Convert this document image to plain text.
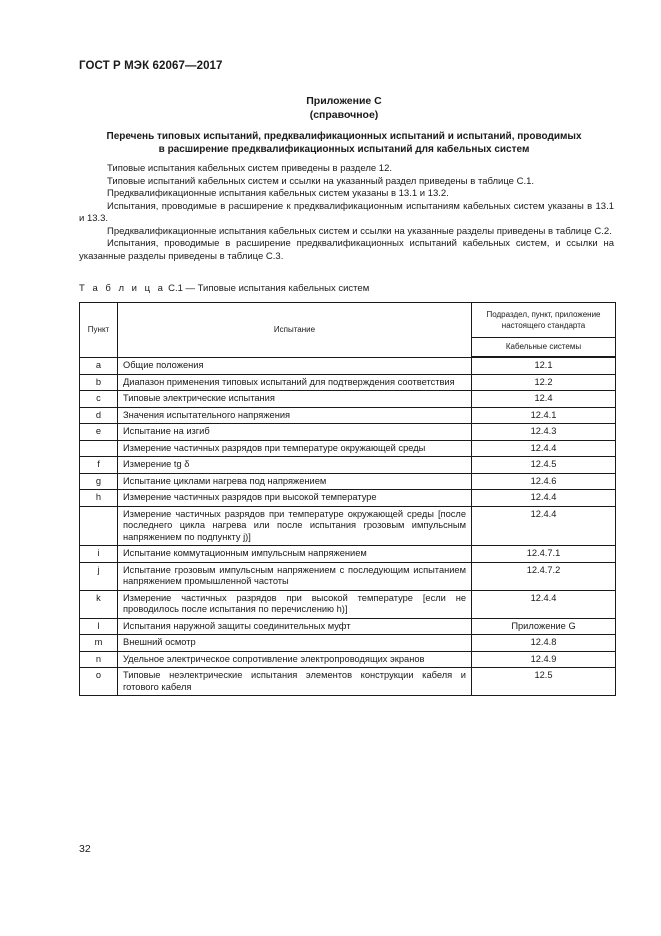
ГОСТ Р МЭК 62067—2017
Приложение С
(справочное)
Перечень типовых испытаний, предквалификационных испытаний и испытаний, проводимых
в расширение предквалификационных испытаний для кабельных систем

Типовые испытания кабельных систем приведены в разделе 12.

Типовые испытаний кабельных систем и ссылки на указанный раздел приведены в таблице С.1.

Предквалификационные испытания кабельных систем указаны в 13.1 и 13.2.

Испытания, проводимые в расширение к предквалификационным испытаниям кабельных систем указаны в 13.1 и 13.3.

Предквалификационные испытания кабельных систем и ссылки на указанные разделы приведены в таблице С.2.

Испытания, проводимые в расширение предквалификационных испытаний кабельных систем, и ссылки на указанные разделы приведены в таблице С.3.

Т а б л и ц а С.1 — Типовые испытания кабельных систем
Пункт	Испытание	Подраздел, пункт, приложение настоящего стандарта
		Кабельные системы
a	Общие положения	12.1
b	Диапазон применения типовых испытаний для подтверждения соответствия	12.2
c	Типовые электрические испытания	12.4
d	Значения испытательного напряжения	12.4.1
e	Испытание на изгиб	12.4.3
	Измерение частичных разрядов при температуре окружающей среды	12.4.4
f	Измерение tg δ	12.4.5
g	Испытание циклами нагрева под напряжением	12.4.6
h	Измерение частичных разрядов при высокой температуре	12.4.4
	Измерение частичных разрядов при температуре окружающей среды [после последнего цикла нагрева или после испытания грозовым импульсным напряжением по подпункту j)]	12.4.4
i	Испытание коммутационным импульсным напряжением	12.4.7.1
j	Испытание грозовым импульсным напряжением с последующим испытанием напряжением промышленной частоты	12.4.7.2
k	Измерение частичных разрядов при высокой температуре [если не проводилось после испытания по перечислению h)]	12.4.4
l	Испытания наружной защиты соединительных муфт	Приложение G
m	Внешний осмотр	12.4.8
n	Удельное электрическое сопротивление электропроводящих экранов	12.4.9
o	Типовые неэлектрические испытания элементов конструкции кабеля и готового кабеля	12.5
32
